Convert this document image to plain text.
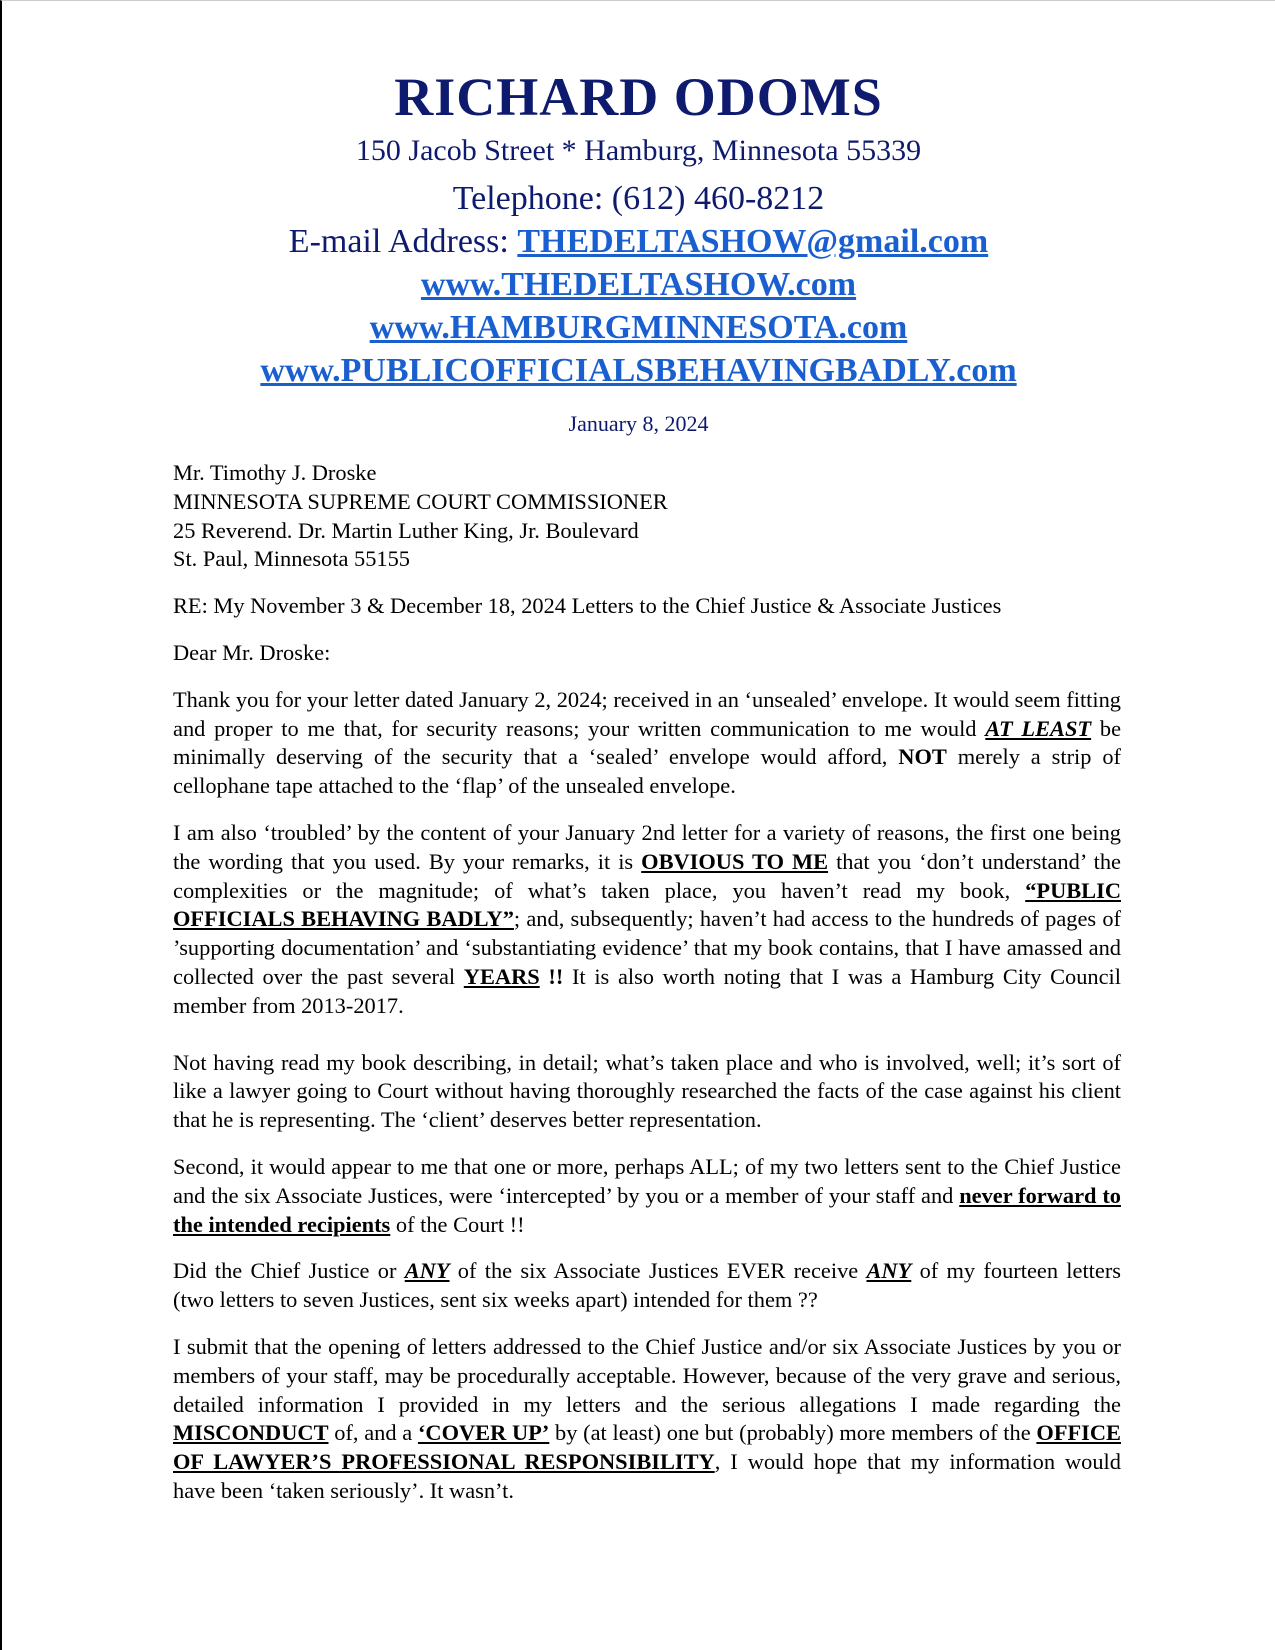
RICHARD ODOMS
150 Jacob Street * Hamburg, Minnesota 55339
Telephone: (612) 460-8212
E-mail Address: THEDELTASHOW@gmail.com
www.THEDELTASHOW.com
www.HAMBURGMINNESOTA.com
www.PUBLICOFFICIALSBEHAVINGBADLY.com
January 8, 2024
Mr. Timothy J. Droske
MINNESOTA SUPREME COURT COMMISSIONER
25 Reverend. Dr. Martin Luther King, Jr. Boulevard
St. Paul, Minnesota 55155

RE: My November 3 & December 18, 2024 Letters to the Chief Justice & Associate Justices

Dear Mr. Droske:

Thank you for your letter dated January 2, 2024; received in an ‘unsealed’ envelope. It would seem fitting and proper to me that, for security reasons; your written communication to me would AT LEAST be minimally deserving of the security that a ‘sealed’ envelope would afford, NOT merely a strip of cellophane tape attached to the ‘flap’ of the unsealed envelope.

I am also ‘troubled’ by the content of your January 2nd letter for a variety of reasons, the first one being the wording that you used. By your remarks, it is OBVIOUS TO ME that you ‘don’t understand’ the complexities or the magnitude; of what’s taken place, you haven’t read my book, “PUBLIC OFFICIALS BEHAVING BADLY”; and, subsequently; haven’t had access to the hundreds of pages of ’supporting documentation’ and ‘substantiating evidence’ that my book contains, that I have amassed and collected over the past several YEARS !! It is also worth noting that I was a Hamburg City Council member from 2013-2017.

Not having read my book describing, in detail; what’s taken place and who is involved, well; it’s sort of like a lawyer going to Court without having thoroughly researched the facts of the case against his client that he is representing. The ‘client’ deserves better representation.

Second, it would appear to me that one or more, perhaps ALL; of my two letters sent to the Chief Justice and the six Associate Justices, were ‘intercepted’ by you or a member of your staff and never forward to the intended recipients of the Court !!

Did the Chief Justice or ANY of the six Associate Justices EVER receive ANY of my fourteen letters (two letters to seven Justices, sent six weeks apart) intended for them ??

I submit that the opening of letters addressed to the Chief Justice and/or six Associate Justices by you or members of your staff, may be procedurally acceptable. However, because of the very grave and serious, detailed information I provided in my letters and the serious allegations I made regarding the MISCONDUCT of, and a ‘COVER UP’ by (at least) one but (probably) more members of the OFFICE OF LAWYER’S PROFESSIONAL RESPONSIBILITY, I would hope that my information would have been ‘taken seriously’. It wasn’t.
